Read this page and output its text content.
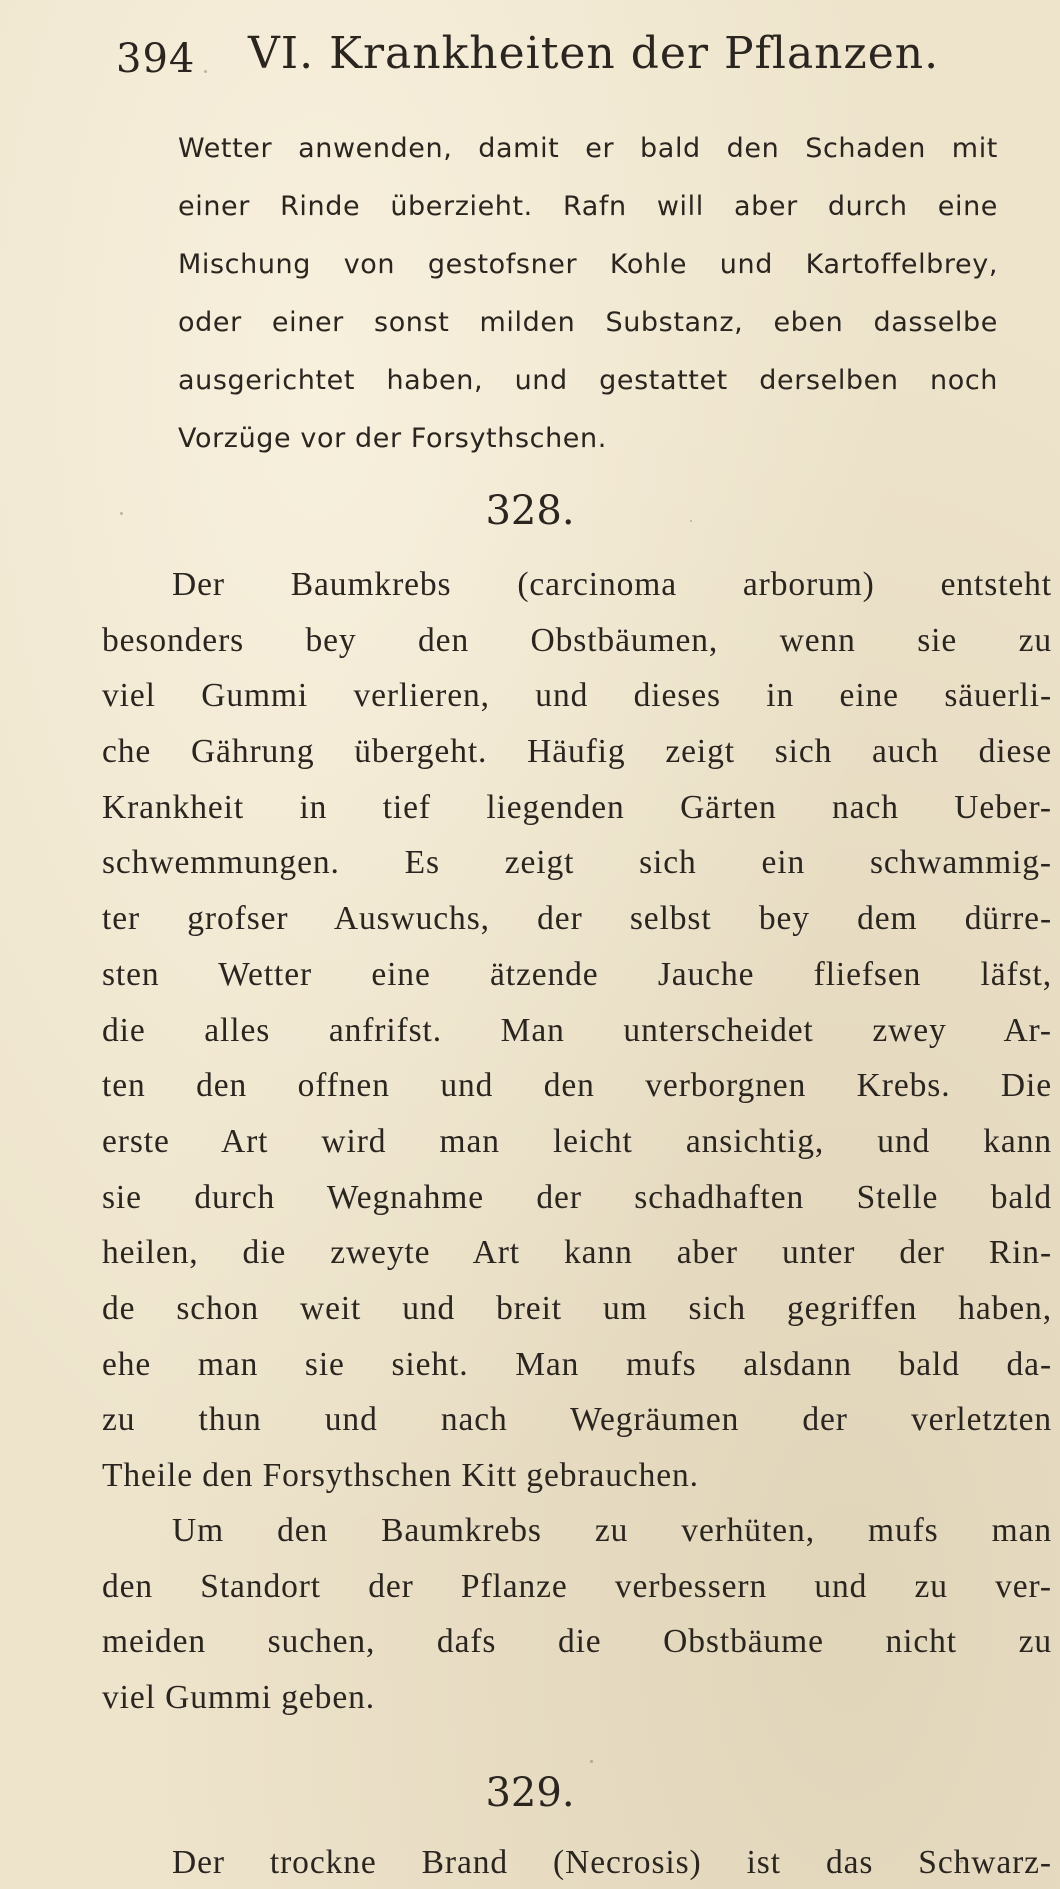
394 VI. Krankheiten der Pflanzen.
Wetter anwenden, damit er bald den Schaden mit
einer Rinde überzieht. Rafn will aber durch eine
Mischung von gestofsner Kohle und Kartoffelbrey,
oder einer sonst milden Substanz, eben dasselbe
ausgerichtet haben, und gestattet derselben noch
Vorzüge vor der Forsythschen.
328.
Der Baumkrebs (carcinoma arborum) entsteht
besonders bey den Obstbäumen, wenn sie zu
viel Gummi verlieren, und dieses in eine säuerli-
che Gährung übergeht. Häufig zeigt sich auch diese
Krankheit in tief liegenden Gärten nach Ueber-
schwemmungen. Es zeigt sich ein schwammig-
ter grofser Auswuchs, der selbst bey dem dürre-
sten Wetter eine ätzende Jauche fliefsen läfst,
die alles anfrifst. Man unterscheidet zwey Ar-
ten den offnen und den verborgnen Krebs. Die
erste Art wird man leicht ansichtig, und kann
sie durch Wegnahme der schadhaften Stelle bald
heilen, die zweyte Art kann aber unter der Rin-
de schon weit und breit um sich gegriffen haben,
ehe man sie sieht. Man mufs alsdann bald da-
zu thun und nach Wegräumen der verletzten
Theile den Forsythschen Kitt gebrauchen.
Um den Baumkrebs zu verhüten, mufs man
den Standort der Pflanze verbessern und zu ver-
meiden suchen, dafs die Obstbäume nicht zu
viel Gummi geben.
329.
Der trockne Brand (Necrosis) ist das Schwarz-
